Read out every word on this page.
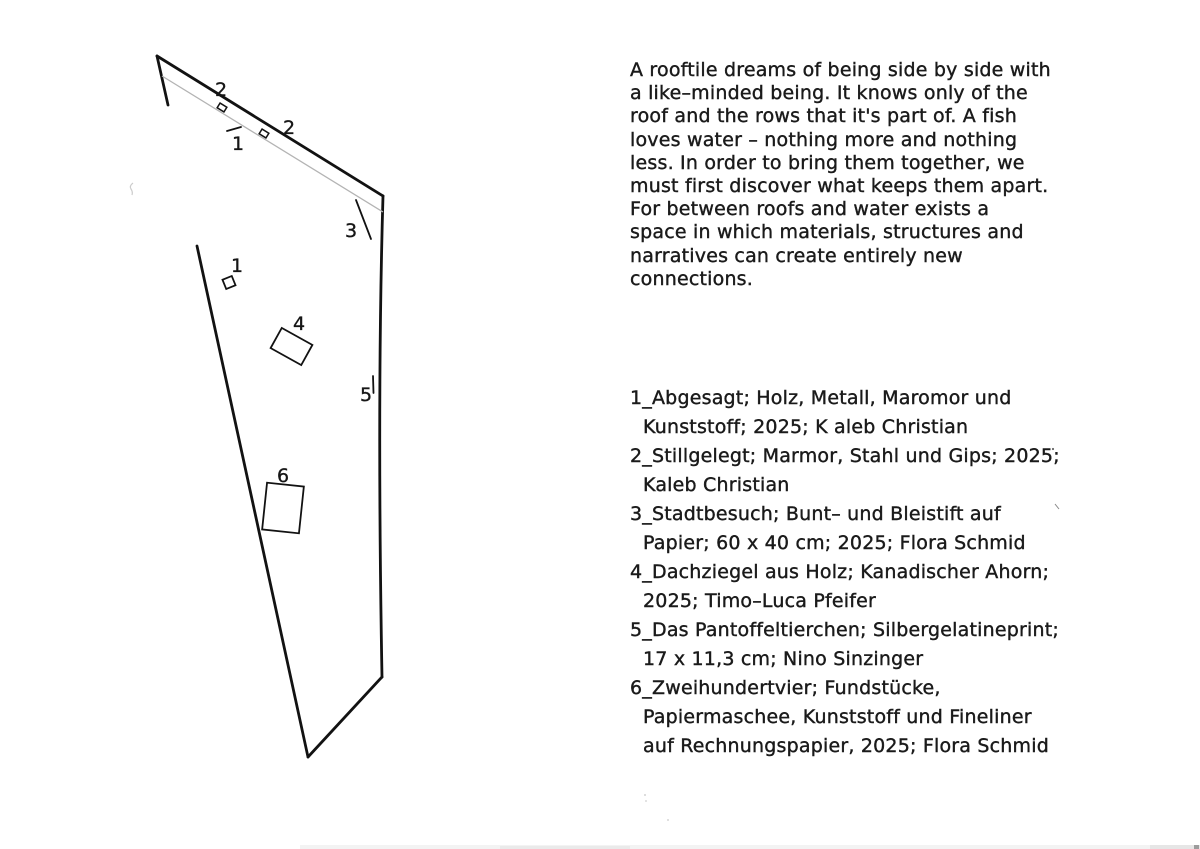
2
2
1
3
1
4
5
6
A rooftile dreams of being side by side with
a like–minded being. It knows only of the
roof and the rows that it's part of. A fish
loves water – nothing more and nothing
less. In order to bring them together, we
must first discover what keeps them apart.
For between roofs and water exists a
space in which materials, structures and
narratives can create entirely new
connections.
1_Abgesagt; Holz, Metall, Maromor und
Kunststoff; 2025; K aleb Christian
2_Stillgelegt; Marmor, Stahl und Gips; 2025;
Kaleb Christian
3_Stadtbesuch; Bunt– und Bleistift auf
Papier; 60 x 40 cm; 2025; Flora Schmid
4_Dachziegel aus Holz; Kanadischer Ahorn;
2025; Timo–Luca Pfeifer
5_Das Pantoffeltierchen; Silbergelatineprint;
17 x 11,3 cm; Nino Sinzinger
6_Zweihundertvier; Fundstücke,
Papiermaschee, Kunststoff und Fineliner
auf Rechnungspapier, 2025; Flora Schmid
